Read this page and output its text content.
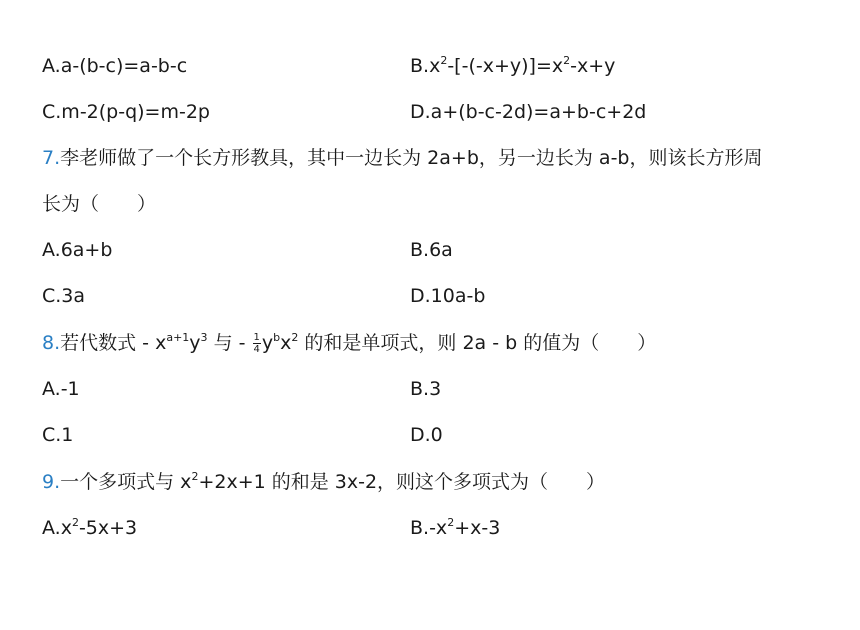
A.a-(b-c)=a-b-c	$B.x^2-[-(-x+y)]=x^2-x+y$
C.m-2(p-q)=m-2p	D.a+(b-c-2d)=a+b-c+2d
7.李老师做了一个长方形教具，其中一边长为 2a+b，另一边长为 a-b，则该长方形周
长为（　　）
A.6a+b	B.6a
C.3a	D.10a-b
8.若代数式 - $x^{a+1}y^3$ 与 - $\frac{1}{4} y^bx^2$ 的和是单项式，则 2a - b 的值为（　　）
A.-1	B.3
C.1	D.0
9.一个多项式与 $x^2+2x+1$ 的和是 3x-2，则这个多项式为（　　）
$A.x^2-5x+3$	$B.-x^2+x-3$
